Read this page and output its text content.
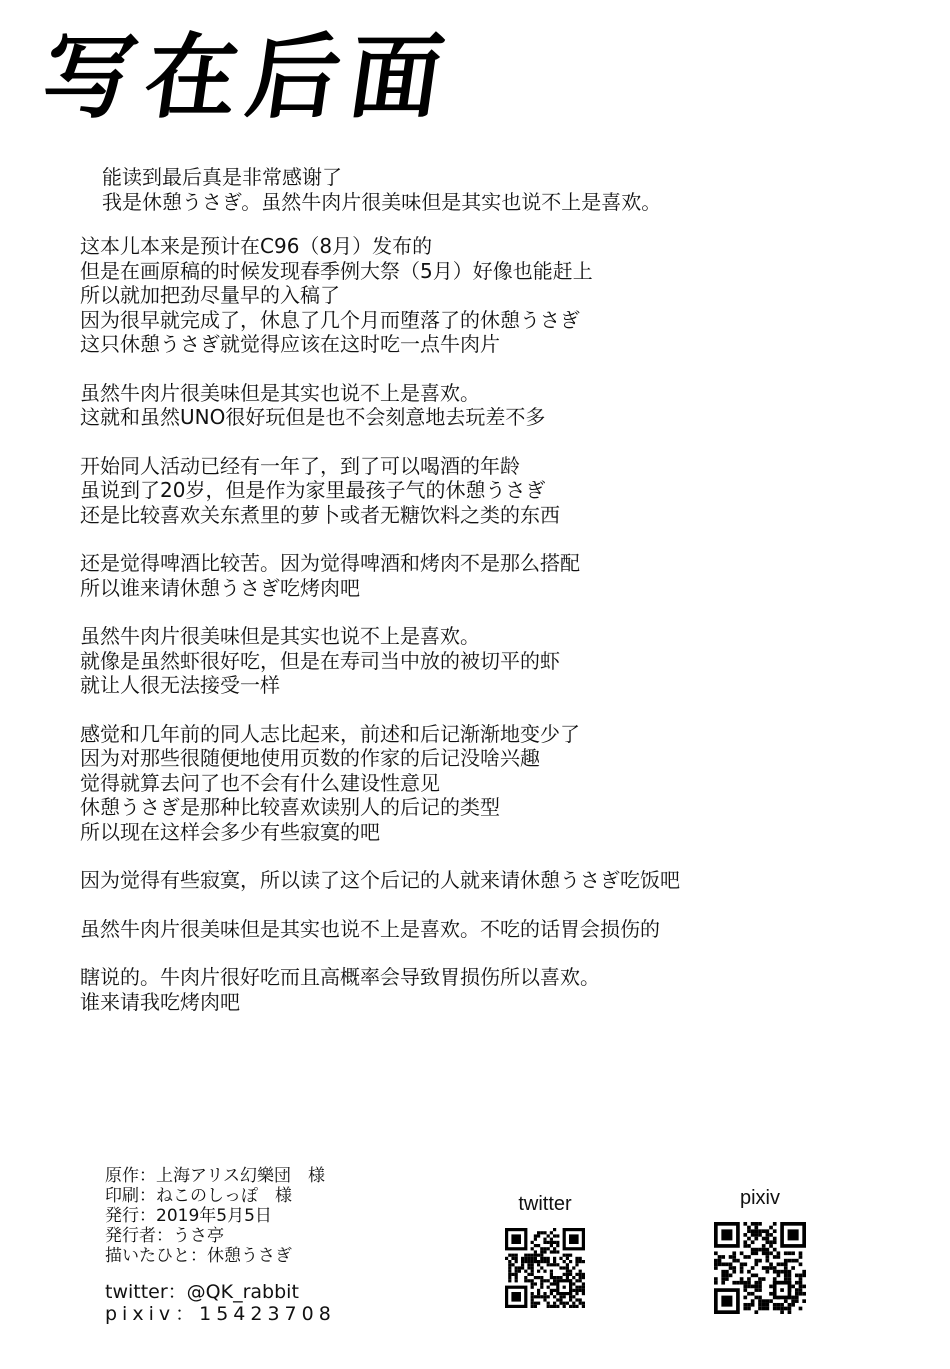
写在后面
能读到最后真是非常感谢了
我是休憩うさぎ。虽然牛肉片很美味但是其实也说不上是喜欢。
这本儿本来是预计在C96（8月）发布的
但是在画原稿的时候发现春季例大祭（5月）好像也能赶上
所以就加把劲尽量早的入稿了
因为很早就完成了，休息了几个月而堕落了的休憩うさぎ
这只休憩うさぎ就觉得应该在这时吃一点牛肉片
虽然牛肉片很美味但是其实也说不上是喜欢。
这就和虽然UNO很好玩但是也不会刻意地去玩差不多
开始同人活动已经有一年了，到了可以喝酒的年龄
虽说到了20岁，但是作为家里最孩子气的休憩うさぎ
还是比较喜欢关东煮里的萝卜或者无糖饮料之类的东西
还是觉得啤酒比较苦。因为觉得啤酒和烤肉不是那么搭配
所以谁来请休憩うさぎ吃烤肉吧
虽然牛肉片很美味但是其实也说不上是喜欢。
就像是虽然虾很好吃，但是在寿司当中放的被切平的虾
就让人很无法接受一样
感觉和几年前的同人志比起来，前述和后记渐渐地变少了
因为对那些很随便地使用页数的作家的后记没啥兴趣
觉得就算去问了也不会有什么建设性意见
休憩うさぎ是那种比较喜欢读别人的后记的类型
所以现在这样会多少有些寂寞的吧
因为觉得有些寂寞，所以读了这个后记的人就来请休憩うさぎ吃饭吧
虽然牛肉片很美味但是其实也说不上是喜欢。不吃的话胃会损伤的
瞎说的。牛肉片很好吃而且高概率会导致胃损伤所以喜欢。
谁来请我吃烤肉吧
原作：上海アリス幻樂団　様
印刷：ねこのしっぽ　様
発行：2019年5月5日
発行者：うさ亭
描いたひと：休憩うさぎ
twitter：@QK_rabbit
pixiv：15423708
twitter	pixiv
